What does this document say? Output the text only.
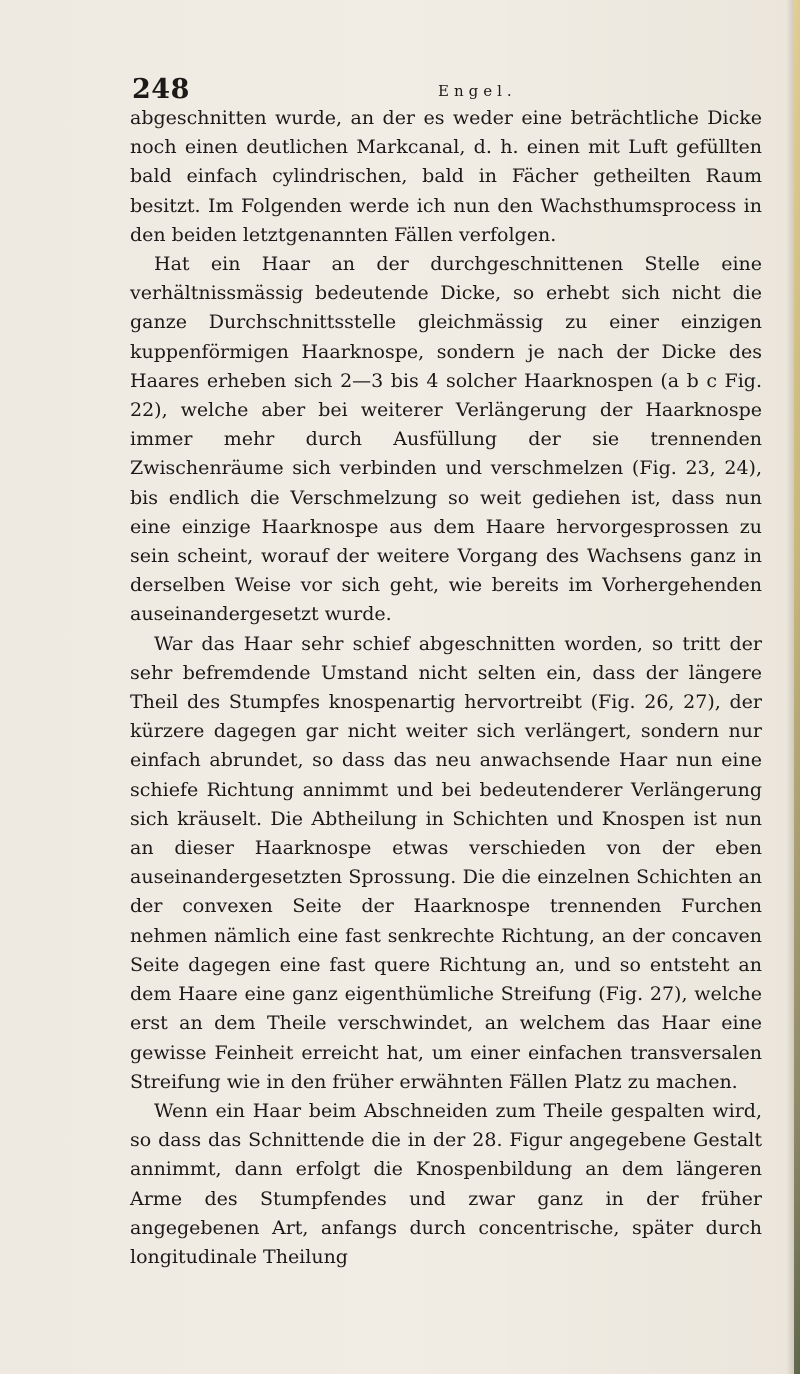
248	Engel.

abgeschnitten wurde, an der es weder eine beträchtliche Dicke noch einen deutlichen Markcanal, d. h. einen mit Luft gefüllten bald einfach cylindrischen, bald in Fächer getheilten Raum besitzt. Im Folgenden werde ich nun den Wachsthumsprocess in den beiden letztgenannten Fällen verfolgen.

Hat ein Haar an der durchgeschnittenen Stelle eine verhältnissmässig bedeutende Dicke, so erhebt sich nicht die ganze Durchschnittsstelle gleichmässig zu einer einzigen kuppenförmigen Haarknospe, sondern je nach der Dicke des Haares erheben sich 2—3 bis 4 solcher Haarknospen (a b c Fig. 22), welche aber bei weiterer Verlängerung der Haarknospe immer mehr durch Ausfüllung der sie trennenden Zwischenräume sich verbinden und verschmelzen (Fig. 23, 24), bis endlich die Verschmelzung so weit gediehen ist, dass nun eine einzige Haarknospe aus dem Haare hervorgesprossen zu sein scheint, worauf der weitere Vorgang des Wachsens ganz in derselben Weise vor sich geht, wie bereits im Vorhergehenden auseinandergesetzt wurde.

War das Haar sehr schief abgeschnitten worden, so tritt der sehr befremdende Umstand nicht selten ein, dass der längere Theil des Stumpfes knospenartig hervortreibt (Fig. 26, 27), der kürzere dagegen gar nicht weiter sich verlängert, sondern nur einfach abrundet, so dass das neu anwachsende Haar nun eine schiefe Richtung annimmt und bei bedeutenderer Verlängerung sich kräuselt. Die Abtheilung in Schichten und Knospen ist nun an dieser Haarknospe etwas verschieden von der eben auseinandergesetzten Sprossung. Die die einzelnen Schichten an der convexen Seite der Haarknospe trennenden Furchen nehmen nämlich eine fast senkrechte Richtung, an der concaven Seite dagegen eine fast quere Richtung an, und so entsteht an dem Haare eine ganz eigenthümliche Streifung (Fig. 27), welche erst an dem Theile verschwindet, an welchem das Haar eine gewisse Feinheit erreicht hat, um einer einfachen transversalen Streifung wie in den früher erwähnten Fällen Platz zu machen.

Wenn ein Haar beim Abschneiden zum Theile gespalten wird, so dass das Schnittende die in der 28. Figur angegebene Gestalt annimmt, dann erfolgt die Knospenbildung an dem längeren Arme des Stumpfendes und zwar ganz in der früher angegebenen Art, anfangs durch concentrische, später durch longitudinale Theilung
